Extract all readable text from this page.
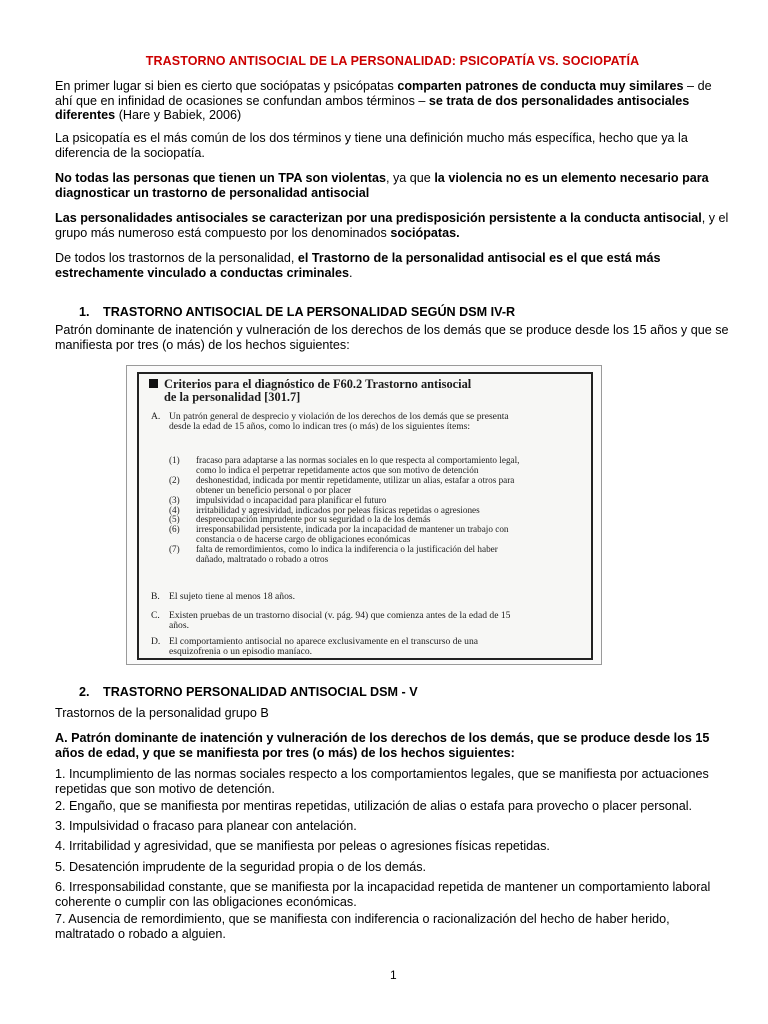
TRASTORNO ANTISOCIAL DE LA PERSONALIDAD: PSICOPATÍA VS. SOCIOPATÍA

En primer lugar si bien es cierto que sociópatas y psicópatas comparten patrones de conducta muy similares – de ahí que en infinidad de ocasiones se confundan ambos términos – se trata de dos personalidades antisociales diferentes (Hare y Babiek, 2006)

La psicopatía es el más común de los dos términos y tiene una definición mucho más específica, hecho que ya la diferencia de la sociopatía.

No todas las personas que tienen un TPA son violentas, ya que la violencia no es un elemento necesario para diagnosticar un trastorno de personalidad antisocial

Las personalidades antisociales se caracterizan por una predisposición persistente a la conducta antisocial, y el grupo más numeroso está compuesto por los denominados sociópatas.

De todos los trastornos de la personalidad, el Trastorno de la personalidad antisocial es el que está más estrechamente vinculado a conductas criminales.

1. TRASTORNO ANTISOCIAL DE LA PERSONALIDAD SEGÚN DSM IV-R

Patrón dominante de inatención y vulneración de los derechos de los demás que se produce desde los 15 años y que se manifiesta por tres (o más) de los hechos siguientes:

2. TRASTORNO PERSONALIDAD ANTISOCIAL DSM - V

Trastornos de la personalidad grupo B

A. Patrón dominante de inatención y vulneración de los derechos de los demás, que se produce desde los 15 años de edad, y que se manifiesta por tres (o más) de los hechos siguientes:

1. Incumplimiento de las normas sociales respecto a los comportamientos legales, que se manifiesta por actuaciones repetidas que son motivo de detención.

2. Engaño, que se manifiesta por mentiras repetidas, utilización de alias o estafa para provecho o placer personal.

3. Impulsividad o fracaso para planear con antelación.

4. Irritabilidad y agresividad, que se manifiesta por peleas o agresiones físicas repetidas.

5. Desatención imprudente de la seguridad propia o de los demás.

6. Irresponsabilidad constante, que se manifiesta por la incapacidad repetida de mantener un comportamiento laboral coherente o cumplir con las obligaciones económicas.

7. Ausencia de remordimiento, que se manifiesta con indiferencia o racionalización del hecho de haber herido, maltratado o robado a alguien.

Criterios para el diagnóstico de F60.2 Trastorno antisocial
de la personalidad [301.7]
A. Un patrón general de desprecio y violación de los derechos de los demás que se presenta desde la edad de 15 años, como lo indican tres (o más) de los siguientes ítems:
(1)	fracaso para adaptarse a las normas sociales en lo que respecta al comportamiento legal, como lo indica el perpetrar repetidamente actos que son motivo de detención
(2)	deshonestidad, indicada por mentir repetidamente, utilizar un alias, estafar a otros para obtener un beneficio personal o por placer
(3)	impulsividad o incapacidad para planificar el futuro
(4)	irritabilidad y agresividad, indicados por peleas físicas repetidas o agresiones
(5)	despreocupación imprudente por su seguridad o la de los demás
(6)	irresponsabilidad persistente, indicada por la incapacidad de mantener un trabajo con constancia o de hacerse cargo de obligaciones económicas
(7)	falta de remordimientos, como lo indica la indiferencia o la justificación del haber dañado, maltratado o robado a otros
B. El sujeto tiene al menos 18 años.
C. Existen pruebas de un trastorno disocial (v. pág. 94) que comienza antes de la edad de 15 años.
D. El comportamiento antisocial no aparece exclusivamente en el transcurso de una esquizofrenia o un episodio maníaco.
1
